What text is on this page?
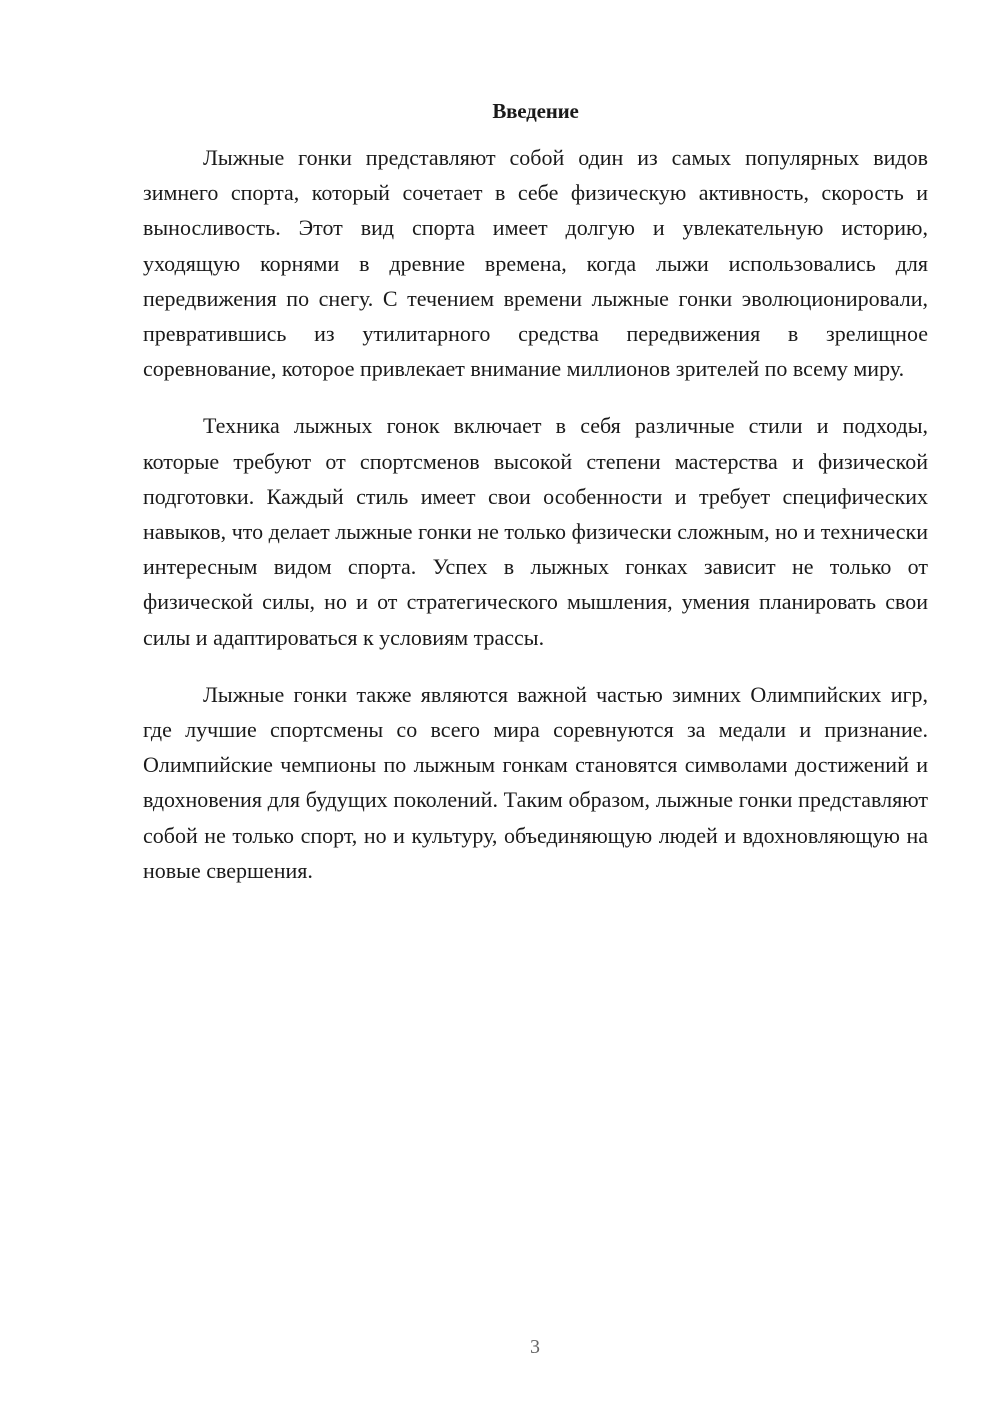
Введение

Лыжные гонки представляют собой один из самых популярных видов зимнего спорта, который сочетает в себе физическую активность, скорость и выносливость. Этот вид спорта имеет долгую и увлекательную историю, уходящую корнями в древние времена, когда лыжи использовались для передвижения по снегу. С течением времени лыжные гонки эволюционировали, превратившись из утилитарного средства передвижения в зрелищное соревнование, которое привлекает внимание миллионов зрителей по всему миру.

Техника лыжных гонок включает в себя различные стили и подходы, которые требуют от спортсменов высокой степени мастерства и физической подготовки. Каждый стиль имеет свои особенности и требует специфических навыков, что делает лыжные гонки не только физически сложным, но и технически интересным видом спорта. Успех в лыжных гонках зависит не только от физической силы, но и от стратегического мышления, умения планировать свои силы и адаптироваться к условиям трассы.

Лыжные гонки также являются важной частью зимних Олимпийских игр, где лучшие спортсмены со всего мира соревнуются за медали и признание. Олимпийские чемпионы по лыжным гонкам становятся символами достижений и вдохновения для будущих поколений. Таким образом, лыжные гонки представляют собой не только спорт, но и культуру, объединяющую людей и вдохновляющую на новые свершения.

3
